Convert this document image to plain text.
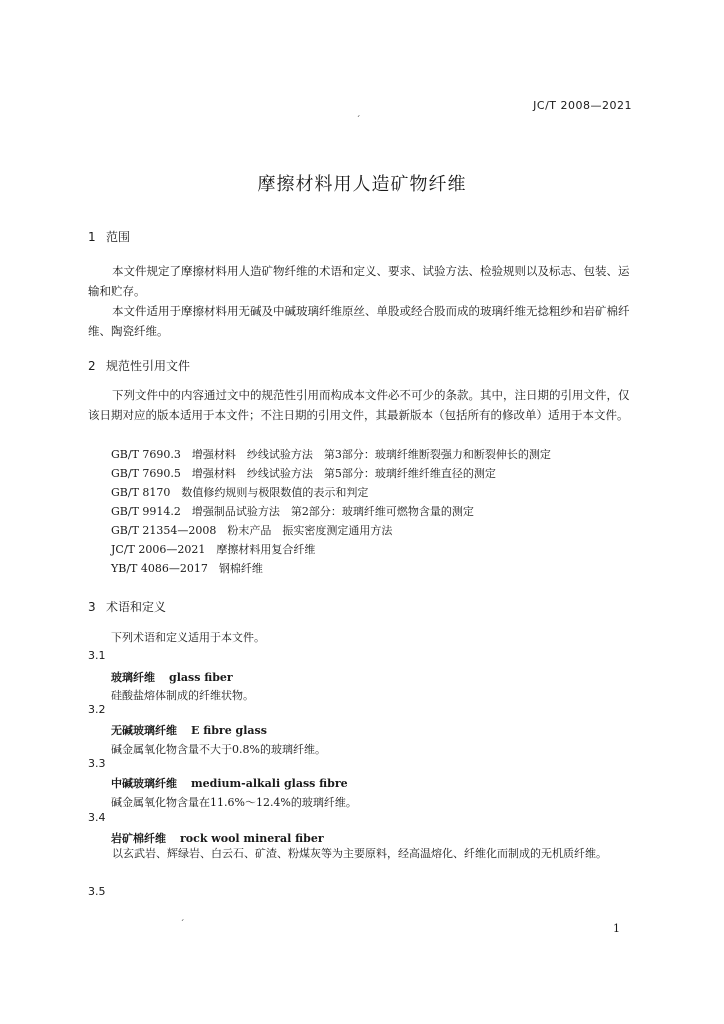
JC/T 2008—2021
ˏ
摩擦材料用人造矿物纤维
1 范围
本文件规定了摩擦材料用人造矿物纤维的术语和定义、要求、试验方法、检验规则以及标志、包装、运输和贮存。
本文件适用于摩擦材料用无碱及中碱玻璃纤维原丝、单股或经合股而成的玻璃纤维无捻粗纱和岩矿棉纤维、陶瓷纤维。
2 规范性引用文件
下列文件中的内容通过文中的规范性引用而构成本文件必不可少的条款。其中，注日期的引用文件，仅该日期对应的版本适用于本文件；不注日期的引用文件，其最新版本（包括所有的修改单）适用于本文件。
GB/T 7690.3　增强材料　纱线试验方法　第3部分：玻璃纤维断裂强力和断裂伸长的测定
GB/T 7690.5　增强材料　纱线试验方法　第5部分：玻璃纤维纤维直径的测定
GB/T 8170　数值修约规则与极限数值的表示和判定
GB/T 9914.2　增强制品试验方法　第2部分：玻璃纤维可燃物含量的测定
GB/T 21354—2008　粉末产品　振实密度测定通用方法
JC/T 2006—2021　摩擦材料用复合纤维
YB/T 4086—2017　钢棉纤维
3 术语和定义
下列术语和定义适用于本文件。
3.1
玻璃纤维 glass fiber
硅酸盐熔体制成的纤维状物。
3.2
无碱玻璃纤维 E fibre glass
碱金属氧化物含量不大于0.8%的玻璃纤维。
3.3
中碱玻璃纤维 medium-alkali glass fibre
碱金属氧化物含量在11.6%～12.4%的玻璃纤维。
3.4
岩矿棉纤维 rock wool mineral fiber
以玄武岩、辉绿岩、白云石、矿渣、粉煤灰等为主要原料，经高温熔化、纤维化而制成的无机质纤维。
3.5
ˏ
1
